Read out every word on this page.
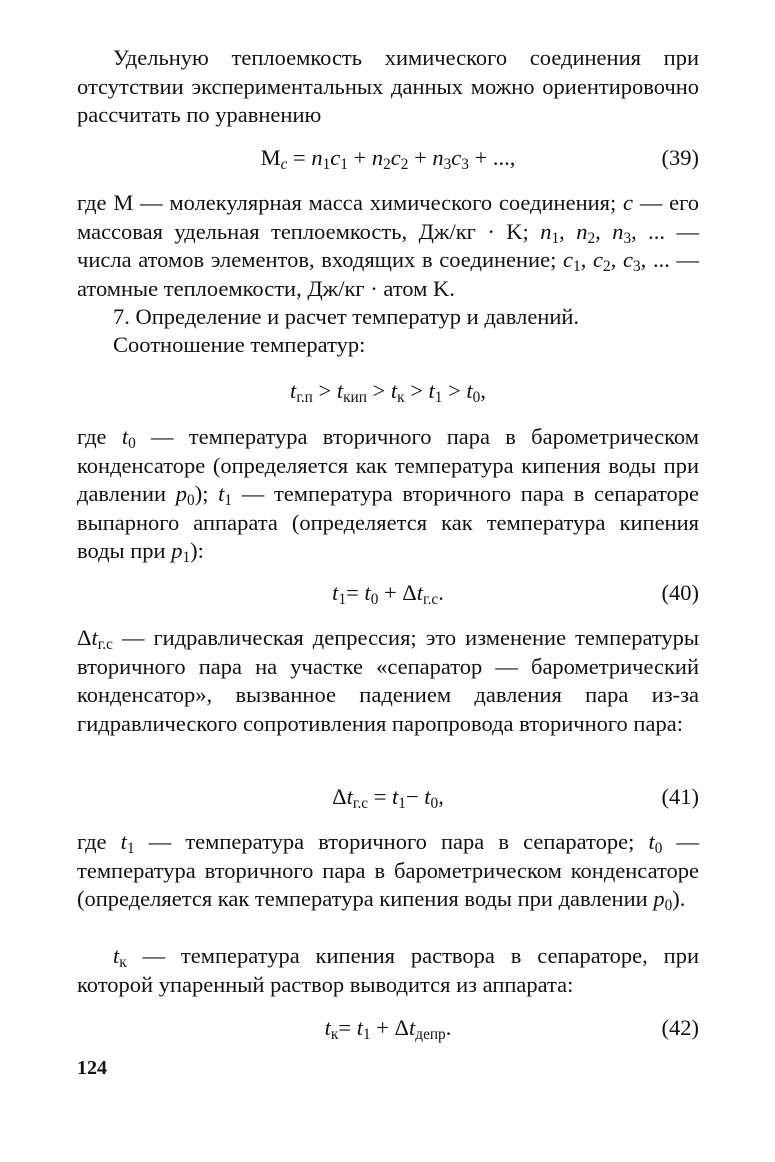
Удельную теплоемкость химического соединения при отсутствии экспериментальных данных можно ориентировочно рассчитать по уравнению
$M_c = n_1c_1 + n_2c_2 + n_3c_3$ + ...,	(39)
где M — молекулярная масса химического соединения; c — его массовая удельная теплоемкость, Дж/кг · K; $n_1$, $n_2$, $n_3$, ... — числа атомов элементов, входящих в соединение; $c_1$, $c_2$, $c_3$, ... — атомные теплоемкости, Дж/кг · атом K.
7. Определение и расчет температур и давлений.
Соотношение температур:
$t_{г.п} > t_{кип} > t_к > t_1 > t_0$,
где $t_0$ — температура вторичного пара в барометрическом конденсаторе (определяется как температура кипения воды при давлении $p_0$); $t_1$ — температура вторичного пара в сепараторе выпарного аппарата (определяется как температура кипения воды при $p_1$):
$t_1= t_0 + \Delta t_{г.с}$.	(40)
$\Delta t_{г.с}$ — гидравлическая депрессия; это изменение температуры вторичного пара на участке «сепаратор — барометрический конденсатор», вызванное падением давления пара из-за гидравлического сопротивления паропровода вторичного пара:
$\Delta t_{г.с} = t_1- t_0$,	(41)
где $t_1$ — температура вторичного пара в сепараторе; $t_0$ — температура вторичного пара в барометрическом конденсаторе (определяется как температура кипения воды при давлении $p_0$).
$t_к$ — температура кипения раствора в сепараторе, при которой упаренный раствор выводится из аппарата:
$t_к= t_1 + \Delta t_{депр}$.	(42)
124
